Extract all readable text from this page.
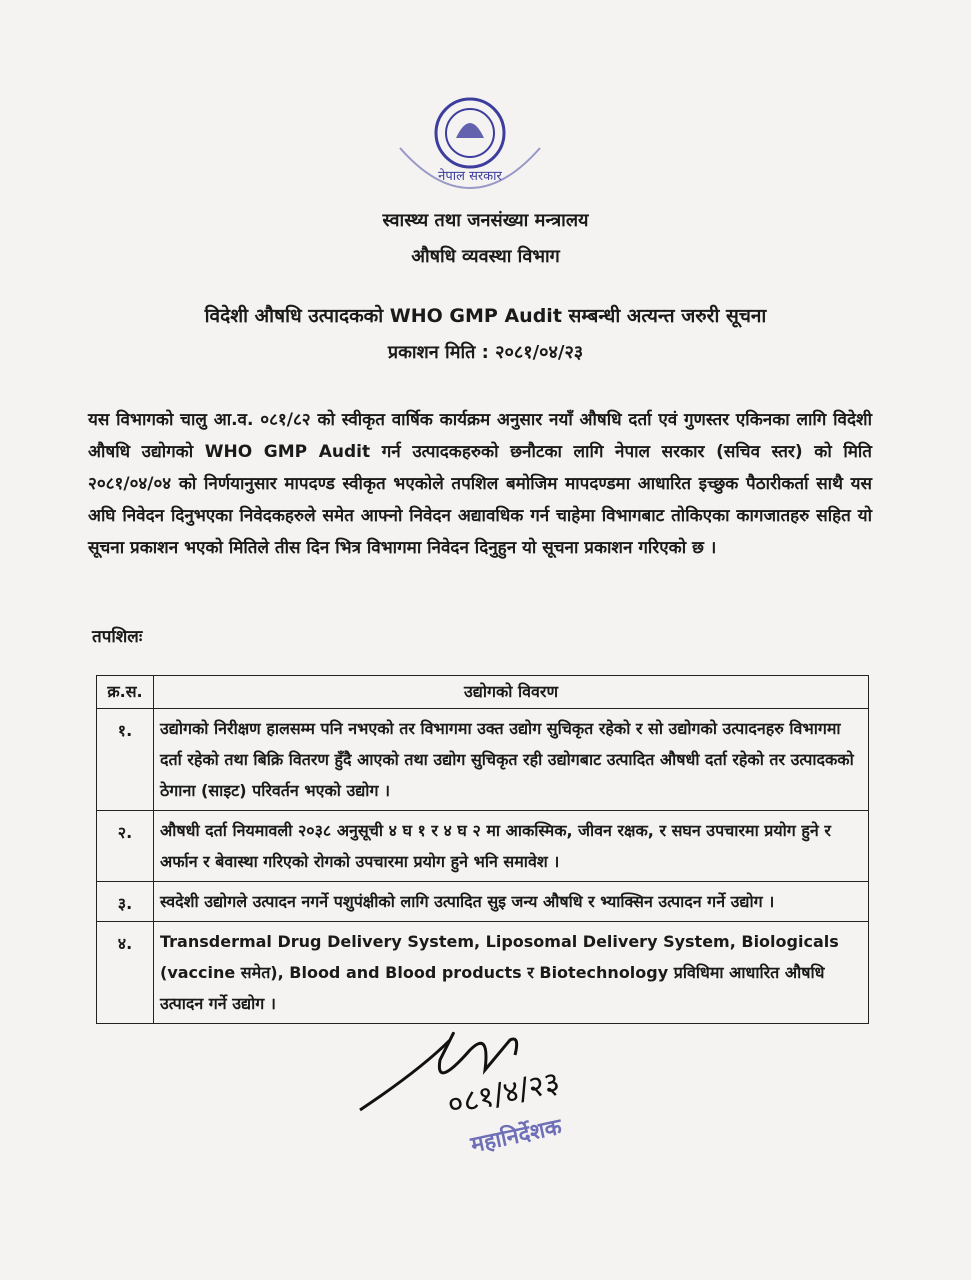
नेपाल सरकार
स्वास्थ्य तथा जनसंख्या मन्त्रालय
औषधि व्यवस्था विभाग
विदेशी औषधि उत्पादकको WHO GMP Audit सम्बन्धी अत्यन्त जरुरी सूचना
प्रकाशन मिति : २०८१/०४/२३
यस विभागको चालु आ.व. ०८१/८२ को स्वीकृत वार्षिक कार्यक्रम अनुसार नयाँ औषधि दर्ता एवं गुणस्तर एकिनका लागि विदेशी औषधि उद्योगको WHO GMP Audit गर्न उत्पादकहरुको छनौटका लागि नेपाल सरकार (सचिव स्तर) को मिति २०८१/०४/०४ को निर्णयानुसार मापदण्ड स्वीकृत भएकोले तपशिल बमोजिम मापदण्डमा आधारित इच्छुक पैठारीकर्ता साथै यस अघि निवेदन दिनुभएका निवेदकहरुले समेत आफ्नो निवेदन अद्यावधिक गर्न चाहेमा विभागबाट तोकिएका कागजातहरु सहित यो सूचना प्रकाशन भएको मितिले तीस दिन भित्र विभागमा निवेदन दिनुहुन यो सूचना प्रकाशन गरिएको छ ।
तपशिलः
क्र.स.	उद्योगको विवरण
१.	उद्योगको निरीक्षण हालसम्म पनि नभएको तर विभागमा उक्त उद्योग सुचिकृत रहेको र सो उद्योगको उत्पादनहरु विभागमा दर्ता रहेको तथा बिक्रि वितरण हुँदै आएको तथा उद्योग सुचिकृत रही उद्योगबाट उत्पादित औषधी दर्ता रहेको तर उत्पादकको ठेगाना (साइट) परिवर्तन भएको उद्योग ।
२.	औषधी दर्ता नियमावली २०३८ अनुसूची ४ घ १ र ४ घ २ मा आकस्मिक, जीवन रक्षक, र सघन उपचारमा प्रयोग हुने र अर्फान र बेवास्था गरिएको रोगको उपचारमा प्रयोग हुने भनि समावेश ।
३.	स्वदेशी उद्योगले उत्पादन नगर्ने पशुपंक्षीको लागि उत्पादित सुइ जन्य औषधि र भ्याक्सिन उत्पादन गर्ने उद्योग ।
४.	Transdermal Drug Delivery System, Liposomal Delivery System, Biologicals (vaccine समेत), Blood and Blood products र Biotechnology प्रविधिमा आधारित औषधि उत्पादन गर्ने उद्योग ।
०८१/४/२३
महानिर्देशक
